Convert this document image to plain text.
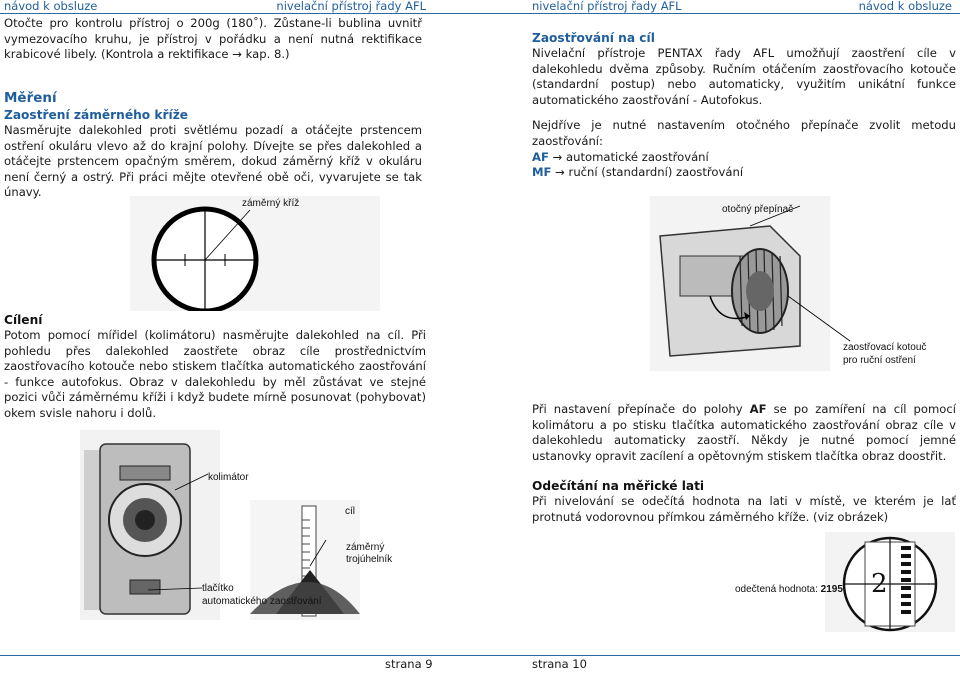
návod k obsluze	nivelační přístroj řady AFL

Otočte pro kontrolu přístroj o 200g (180˚). Zůstane-li bublina uvnitř vymezovacího kruhu, je přístroj v pořádku a není nutná rektifikace krabicové libely. (Kontrola a rektifikace → kap. 8.)

Měření
Zaostření záměrného kříže

Nasměrujte dalekohled proti světlému pozadí a otáčejte prstencem ostření okuláru vlevo až do krajní polohy. Dívejte se přes dalekohled a otáčejte prstencem opačným směrem, dokud záměrný kříž v okuláru není černý a ostrý. Při práci mějte otevřené obě oči, vyvarujete se tak únavy.

záměrný kříž
Cílení

Potom pomocí mířidel (kolimátoru) nasměrujte dalekohled na cíl. Při pohledu přes dalekohled zaostřete obraz cíle prostřednictvím zaostřovacího kotouče nebo stiskem tlačítka automatického zaostřování - funkce autofokus. Obraz v dalekohledu by měl zůstávat ve stejné pozici vůči záměrnému kříži i když budete mírně posunovat (pohybovat) okem svisle nahoru i dolů.

kolimátor
cíl
záměrný
trojúhelník
tlačítko
automatického zaostřování
strana 9
nivelační přístroj řady AFL	návod k obsluze
Zaostřování na cíl

Nivelační přístroje PENTAX řady AFL umožňují zaostření cíle v dalekohledu dvěma způsoby. Ručním otáčením zaostřovacího kotouče (standardní postup) nebo automaticky, využitím unikátní funkce automatického zaostřování - Autofokus.

Nejdříve je nutné nastavením otočného přepínače zvolit metodu zaostřování:

AF → automatické zaostřování

MF → ruční (standardní) zaostřování

otočný přepínač
zaostřovací kotouč
pro ruční ostření

Při nastavení přepínače do polohy AF se po zamíření na cíl pomocí kolimátoru a po stisku tlačítka automatického zaostřování obraz cíle v dalekohledu automaticky zaostří. Někdy je nutné pomocí jemné ustanovky opravit zacílení a opětovným stiskem tlačítka obraz doostřit.

Odečítání na měřické lati

Při nivelování se odečítá hodnota na lati v místě, ve kterém je lať protnutá vodorovnou přímkou záměrného kříže. (viz obrázek)

2
odečtená hodnota: 2195
strana 10
